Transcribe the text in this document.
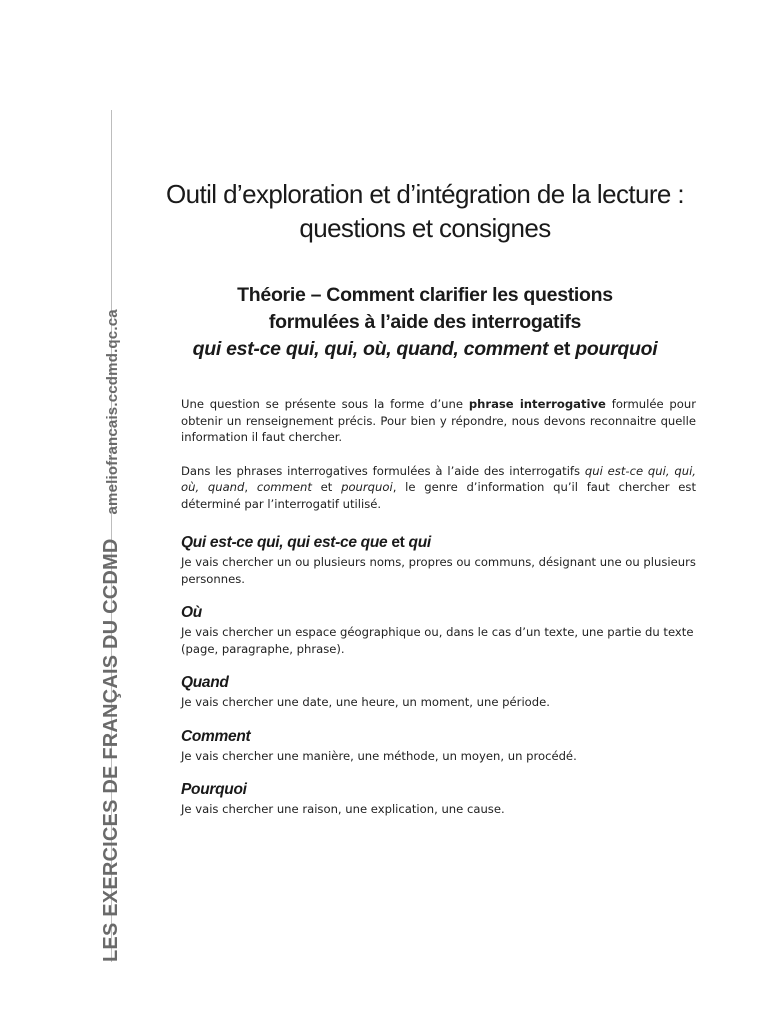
LES EXERCICES DE FRANÇAIS DU CCDMDameliofrancais.ccdmd.qc.ca
Outil d’exploration et d’intégration de la lecture :
questions et consignes
Théorie – Comment clarifier les questions
formulées à l’aide des interrogatifs
qui est-ce qui, qui, où, quand, comment et pourquoi

Une question se présente sous la forme d’une phrase interrogative formulée pour obtenir un renseignement précis. Pour bien y répondre, nous devons reconnaitre quelle information il faut chercher.

Dans les phrases interrogatives formulées à l’aide des interrogatifs qui est-ce qui, qui, où, quand, comment et pourquoi, le genre d’information qu’il faut chercher est déterminé par l’interrogatif utilisé.

Qui est-ce qui, qui est-ce que et qui

Je vais chercher un ou plusieurs noms, propres ou communs, désignant une ou plusieurs personnes.

Où

Je vais chercher un espace géographique ou, dans le cas d’un texte, une partie du texte (page, paragraphe, phrase).

Quand

Je vais chercher une date, une heure, un moment, une période.

Comment

Je vais chercher une manière, une méthode, un moyen, un procédé.

Pourquoi

Je vais chercher une raison, une explication, une cause.
